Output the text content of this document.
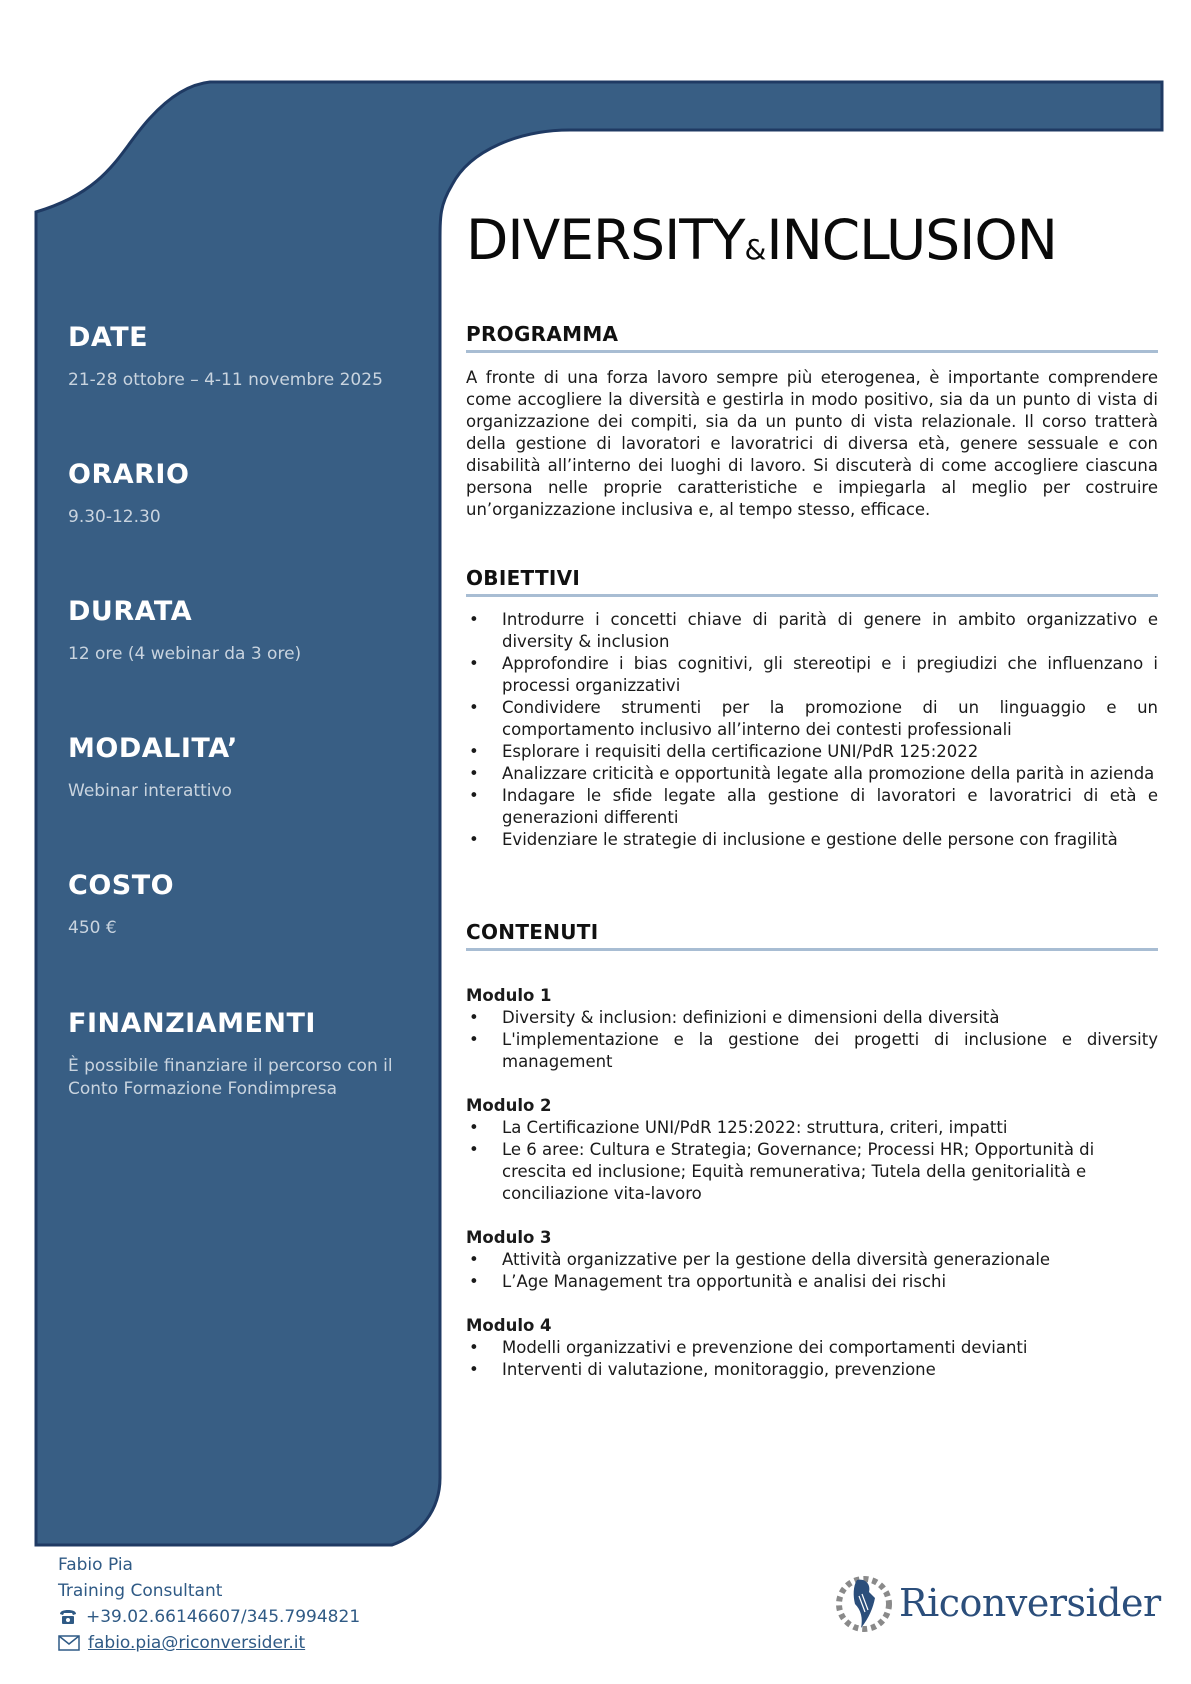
DATE

21-28 ottobre – 4-11 novembre 2025

ORARIO

9.30-12.30

DURATA

12 ore (4 webinar da 3 ore)

MODALITA’

Webinar interattivo

COSTO

450 €

FINANZIAMENTI

È possibile finanziare il percorso con il Conto Formazione Fondimpresa

DIVERSITY&INCLUSION
PROGRAMMA

A fronte di una forza lavoro sempre più eterogenea, è importante comprendere come accogliere la diversità e gestirla in modo positivo, sia da un punto di vista di organizzazione dei compiti, sia da un punto di vista relazionale. Il corso tratterà della gestione di lavoratori e lavoratrici di diversa età, genere sessuale e con disabilità all’interno dei luoghi di lavoro. Si discuterà di come accogliere ciascuna persona nelle proprie caratteristiche e impiegarla al meglio per costruire un’organizzazione inclusiva e, al tempo stesso, efficace.

OBIETTIVI
• Introdurre i concetti chiave di parità di genere in ambito organizzativo e diversity & inclusion
• Approfondire i bias cognitivi, gli stereotipi e i pregiudizi che influenzano i processi organizzativi
• Condividere strumenti per la promozione di un linguaggio e un comportamento inclusivo all’interno dei contesti professionali
• Esplorare i requisiti della certificazione UNI/PdR 125:2022
• Analizzare criticità e opportunità legate alla promozione della parità in azienda
• Indagare le sfide legate alla gestione di lavoratori e lavoratrici di età e generazioni differenti
• Evidenziare le strategie di inclusione e gestione delle persone con fragilità
CONTENUTI

Modulo 1

• Diversity & inclusion: definizioni e dimensioni della diversità
• L'implementazione e la gestione dei progetti di inclusione e diversity management

Modulo 2

• La Certificazione UNI/PdR 125:2022: struttura, criteri, impatti
• Le 6 aree: Cultura e Strategia; Governance; Processi HR; Opportunità di crescita ed inclusione; Equità remunerativa; Tutela della genitorialità e conciliazione vita-lavoro

Modulo 3

• Attività organizzative per la gestione della diversità generazionale
• L’Age Management tra opportunità e analisi dei rischi

Modulo 4

• Modelli organizzativi e prevenzione dei comportamenti devianti
• Interventi di valutazione, monitoraggio, prevenzione
Fabio Pia
Training Consultant
+39.02.66146607/345.7994821
fabio.pia@riconversider.it
Riconversider
